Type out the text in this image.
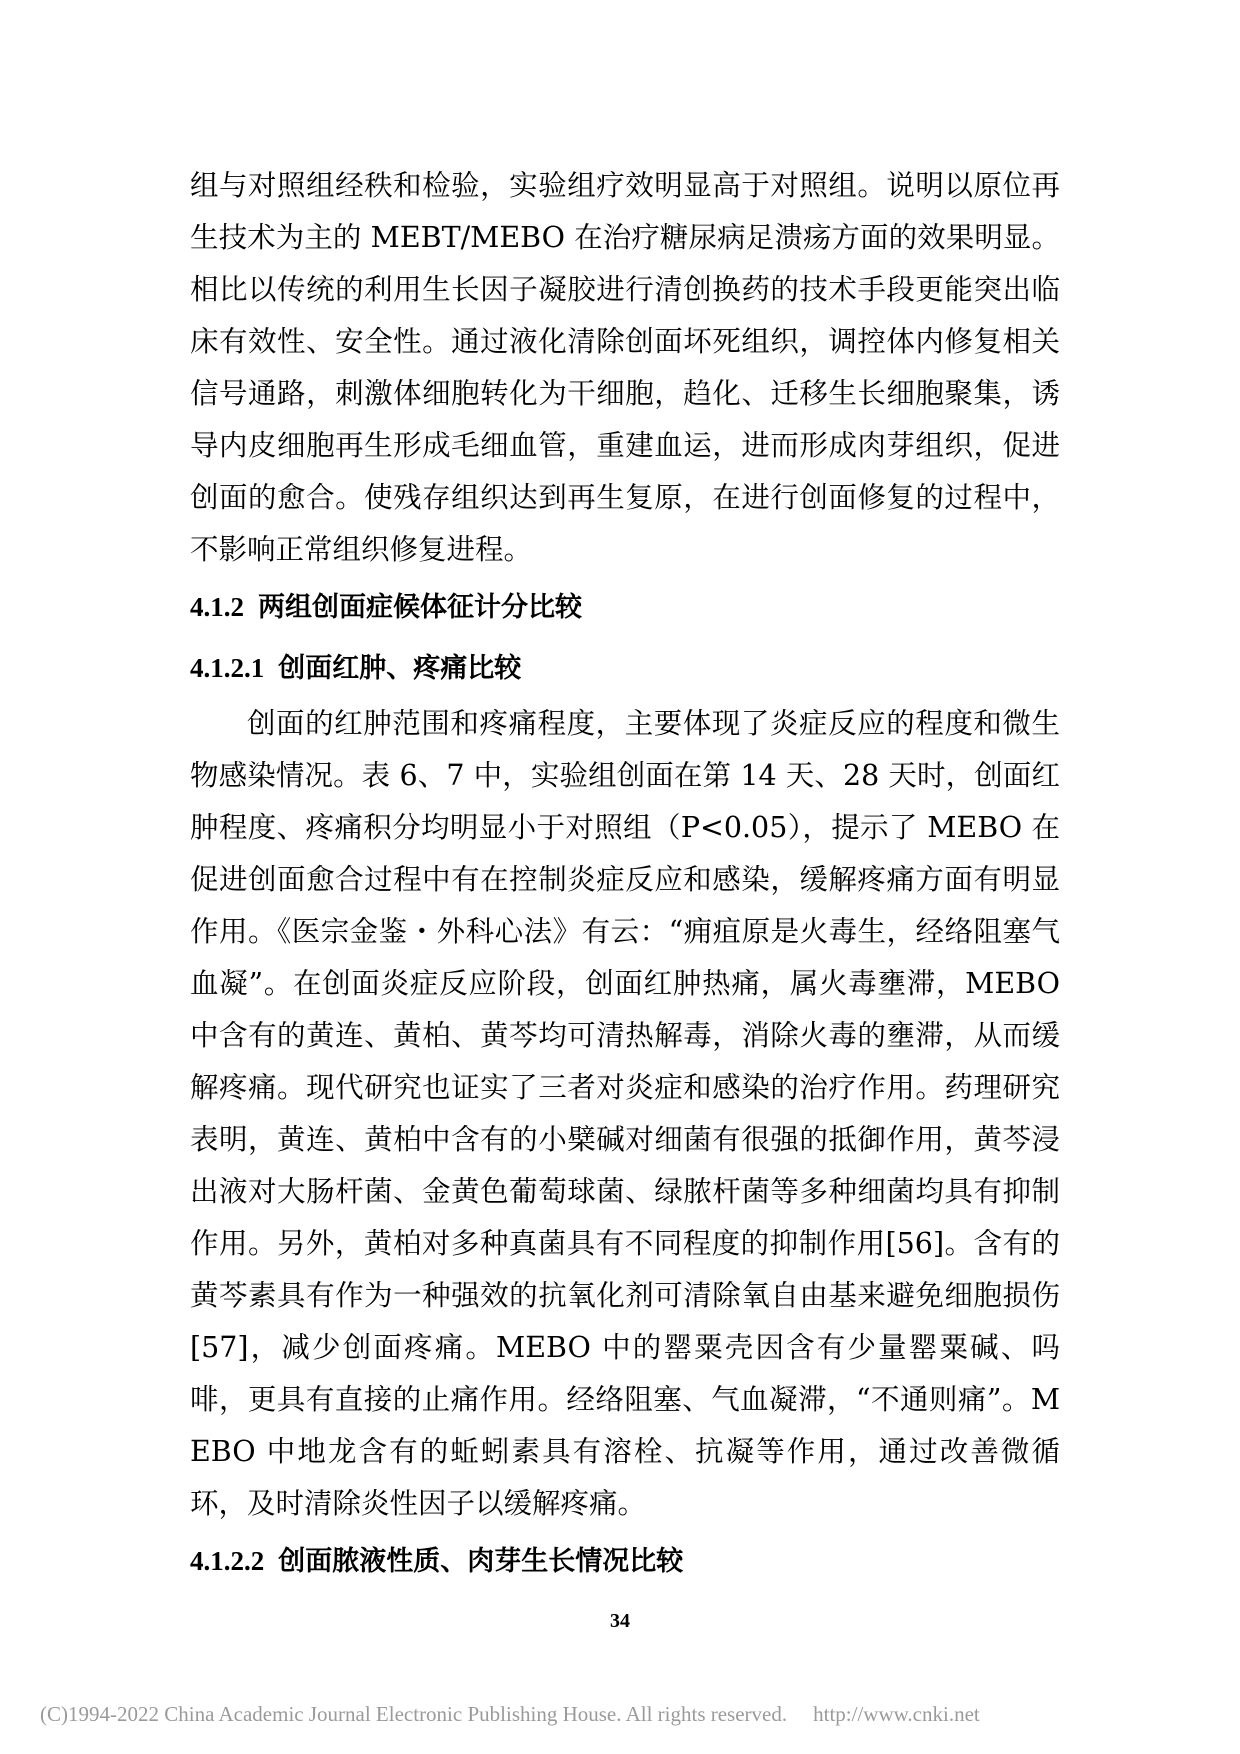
组与对照组经秩和检验，实验组疗效明显高于对照组。说明以原位再生技术为主的 MEBT/MEBO 在治疗糖尿病足溃疡方面的效果明显。相比以传统的利用生长因子凝胶进行清创换药的技术手段更能突出临床有效性、安全性。通过液化清除创面坏死组织，调控体内修复相关信号通路，刺激体细胞转化为干细胞，趋化、迁移生长细胞聚集，诱导内皮细胞再生形成毛细血管，重建血运，进而形成肉芽组织，促进创面的愈合。使残存组织达到再生复原，在进行创面修复的过程中，不影响正常组织修复进程。

4.1.2 两组创面症候体征计分比较
4.1.2.1 创面红肿、疼痛比较

创面的红肿范围和疼痛程度，主要体现了炎症反应的程度和微生物感染情况。表 6、7 中，实验组创面在第 14 天、28 天时，创面红肿程度、疼痛积分均明显小于对照组（P<0.05），提示了 MEBO 在促进创面愈合过程中有在控制炎症反应和感染，缓解疼痛方面有明显作用。《医宗金鉴・外科心法》有云：“痈疽原是火毒生，经络阻塞气血凝”。在创面炎症反应阶段，创面红肿热痛，属火毒壅滞，MEBO 中含有的黄连、黄柏、黄芩均可清热解毒，消除火毒的壅滞，从而缓解疼痛。现代研究也证实了三者对炎症和感染的治疗作用。药理研究表明，黄连、黄柏中含有的小檗碱对细菌有很强的抵御作用，黄芩浸出液对大肠杆菌、金黄色葡萄球菌、绿脓杆菌等多种细菌均具有抑制作用。另外，黄柏对多种真菌具有不同程度的抑制作用[56]。含有的黄芩素具有作为一种强效的抗氧化剂可清除氧自由基来避免细胞损伤[57]，减少创面疼痛。MEBO 中的罂粟壳因含有少量罂粟碱、吗啡，更具有直接的止痛作用。经络阻塞、气血凝滞，“不通则痛”。MEBO 中地龙含有的蚯蚓素具有溶栓、抗凝等作用，通过改善微循环，及时清除炎性因子以缓解疼痛。

4.1.2.2 创面脓液性质、肉芽生长情况比较
34
(C)1994-2022 China Academic Journal Electronic Publishing House. All rights reserved. http://www.cnki.net
